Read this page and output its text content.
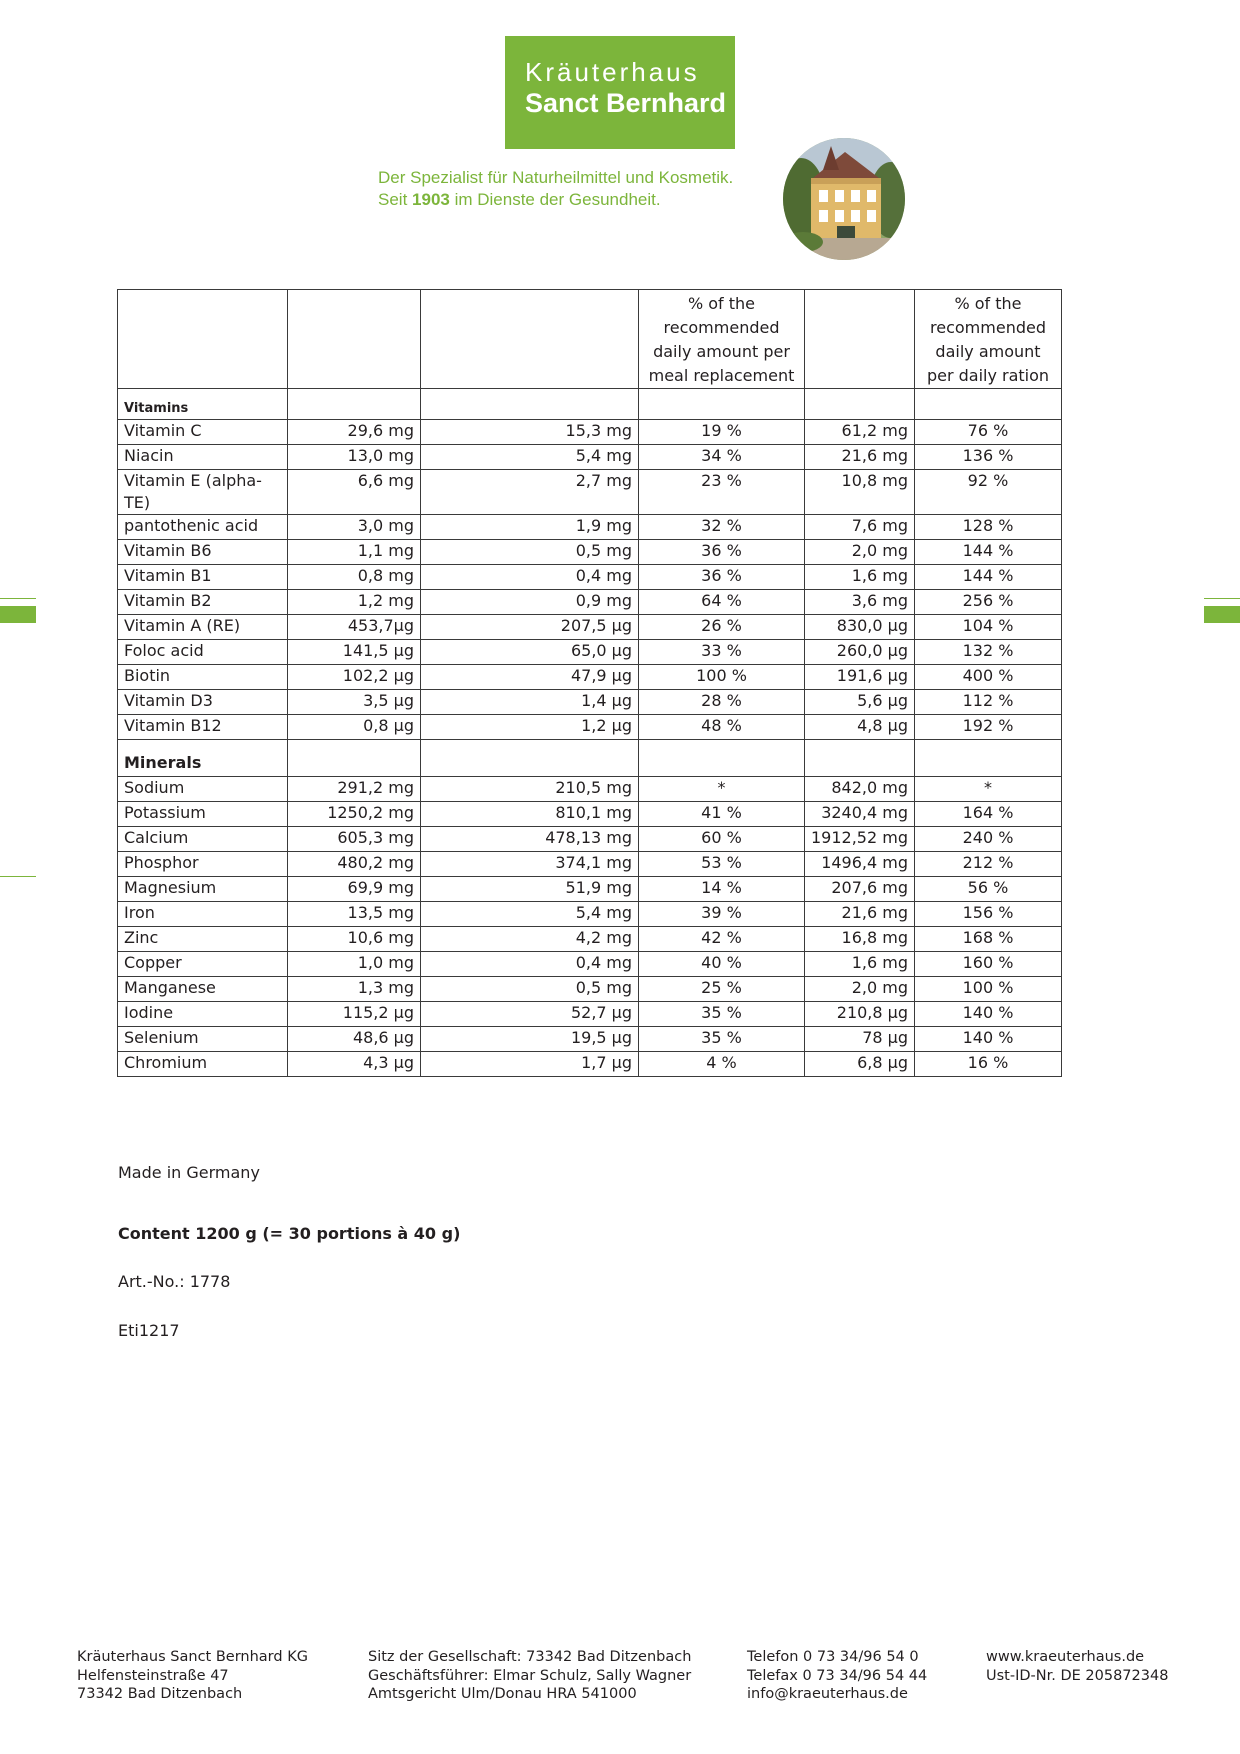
Kräuterhaus
Sanct Bernhard
Der Spezialist für Naturheilmittel und Kosmetik.
Seit 1903 im Dienste der Gesundheit.
			% of the recommended daily amount per meal replacement		% of the recommended daily amount per daily ration

Vitamins					

Vitamin C	29,6 mg	15,3 mg	19 %	61,2 mg	76 %
Niacin	13,0 mg	5,4 mg	34 %	21,6 mg	136 %
Vitamin E (alpha-TE)	6,6 mg	2,7 mg	23 %	10,8 mg	92 %
pantothenic acid	3,0 mg	1,9 mg	32 %	7,6 mg	128 %
Vitamin B6	1,1 mg	0,5 mg	36 %	2,0 mg	144 %
Vitamin B1	0,8 mg	0,4 mg	36 %	1,6 mg	144 %
Vitamin B2	1,2 mg	0,9 mg	64 %	3,6 mg	256 %
Vitamin A (RE)	453,7µg	207,5 µg	26 %	830,0 µg	104 %
Foloc acid	141,5 µg	65,0 µg	33 %	260,0 µg	132 %
Biotin	102,2 µg	47,9 µg	100 %	191,6 µg	400 %
Vitamin D3	3,5 µg	1,4 µg	28 %	5,6 µg	112 %
Vitamin B12	0,8 µg	1,2 µg	48 %	4,8 µg	192 %

Minerals					

Sodium	291,2 mg	210,5 mg	*	842,0 mg	*
Potassium	1250,2 mg	810,1 mg	41 %	3240,4 mg	164 %
Calcium	605,3 mg	478,13 mg	60 %	1912,52 mg	240 %
Phosphor	480,2 mg	374,1 mg	53 %	1496,4 mg	212 %
Magnesium	69,9 mg	51,9 mg	14 %	207,6 mg	56 %
Iron	13,5 mg	5,4 mg	39 %	21,6 mg	156 %
Zinc	10,6 mg	4,2 mg	42 %	16,8 mg	168 %
Copper	1,0 mg	0,4 mg	40 %	1,6 mg	160 %
Manganese	1,3 mg	0,5 mg	25 %	2,0 mg	100 %
Iodine	115,2 µg	52,7 µg	35 %	210,8 µg	140 %
Selenium	48,6 µg	19,5 µg	35 %	78 µg	140 %
Chromium	4,3 µg	1,7 µg	4 %	6,8 µg	16 %
Made in Germany
Content 1200 g (= 30 portions à 40 g)
Art.-No.: 1778
Eti1217
Kräuterhaus Sanct Bernhard KG
Helfensteinstraße 47
73342 Bad Ditzenbach
Sitz der Gesellschaft: 73342 Bad Ditzenbach
Geschäftsführer: Elmar Schulz, Sally Wagner
Amtsgericht Ulm/Donau HRA 541000
Telefon 0 73 34/96 54 0
Telefax 0 73 34/96 54 44
info@kraeuterhaus.de
www.kraeuterhaus.de
Ust-ID-Nr. DE 205872348
